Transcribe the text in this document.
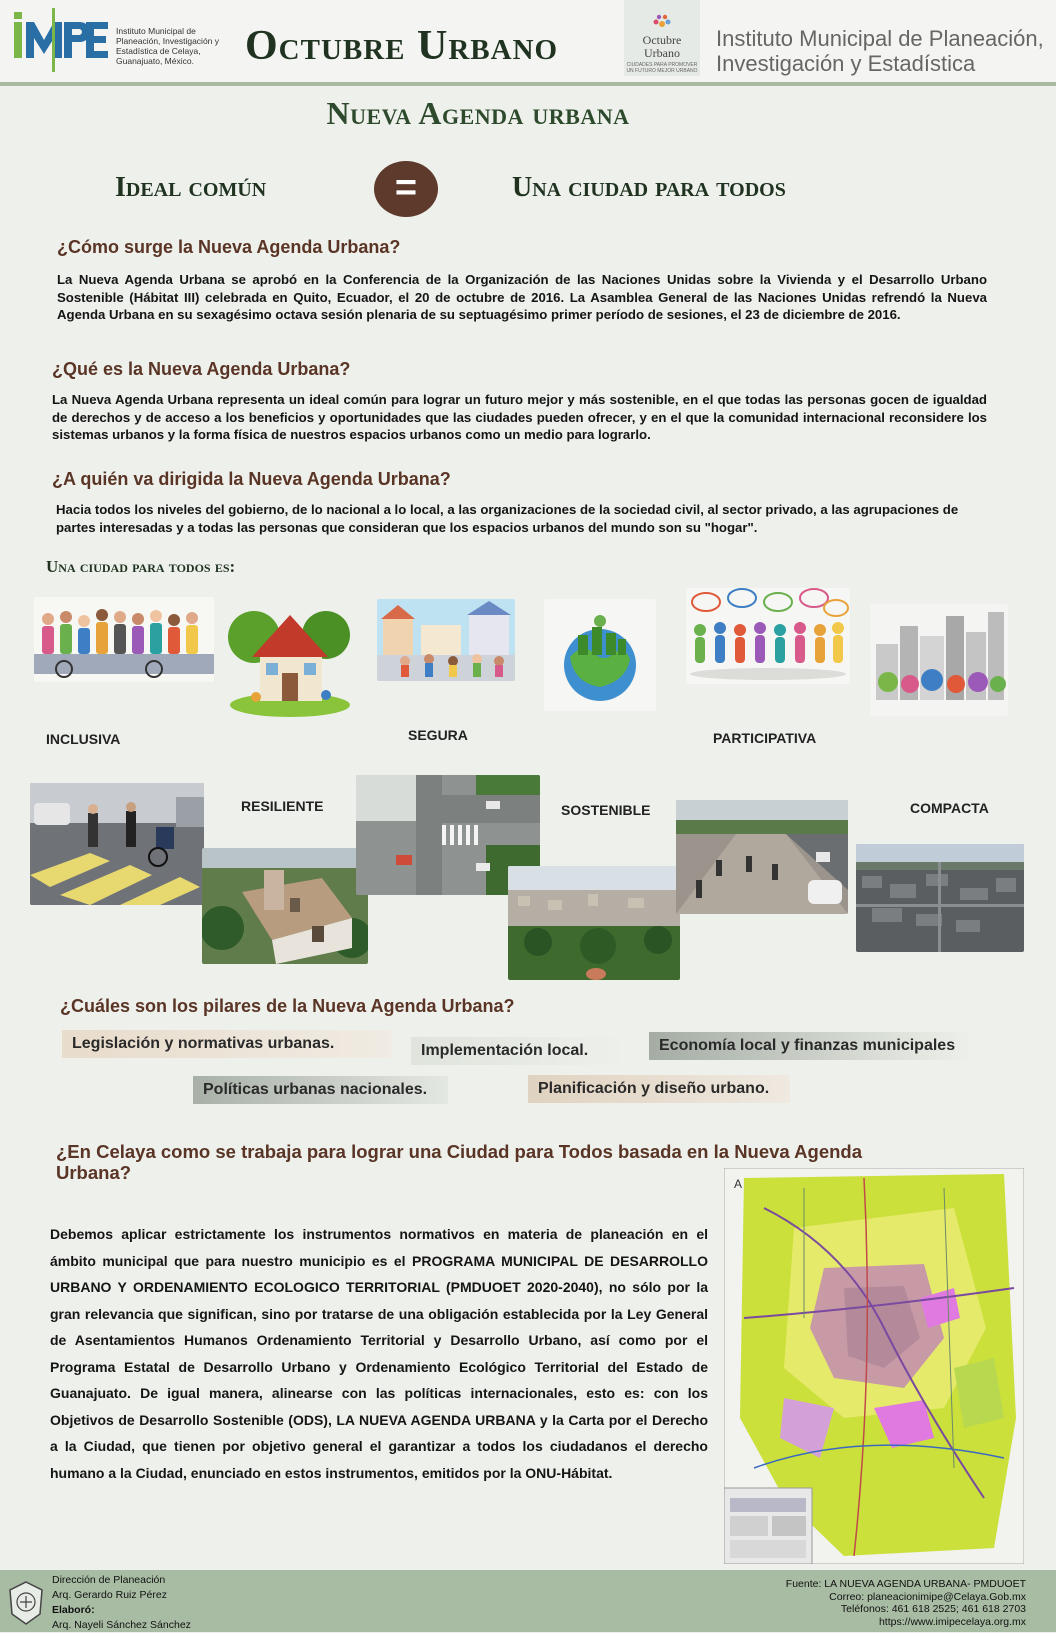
Instituto Municipal de Planeación, Investigación y Estadística de Celaya, Guanajuato, México.	Octubre Urbano	Octubre Urbano
CIUDADES PARA PROMOVER UN FUTURO MEJOR URBANO
Instituto Municipal de Planeación,
Investigación y Estadística
Nueva Agenda urbana
Ideal común	=	Una ciudad para todos
¿Cómo surge la Nueva Agenda Urbana?
La Nueva Agenda Urbana se aprobó en la Conferencia de la Organización de las Naciones Unidas sobre la Vivienda y el Desarrollo Urbano Sostenible (Hábitat III) celebrada en Quito, Ecuador, el 20 de octubre de 2016. La Asamblea General de las Naciones Unidas refrendó la Nueva Agenda Urbana en su sexagésimo octava sesión plenaria de su septuagésimo primer período de sesiones, el 23 de diciembre de 2016.
¿Qué es la Nueva Agenda Urbana?
La Nueva Agenda Urbana representa un ideal común para lograr un futuro mejor y más sostenible, en el que todas las personas gocen de igualdad de derechos y de acceso a los beneficios y oportunidades que las ciudades pueden ofrecer, y en el que la comunidad internacional reconsidere los sistemas urbanos y la forma física de nuestros espacios urbanos como un medio para lograrlo.
¿A quién va dirigida la Nueva Agenda Urbana?
Hacia todos los niveles del gobierno, de lo nacional a lo local, a las organizaciones de la sociedad civil, al sector privado, a las agrupaciones de partes interesadas y a todas las personas que consideran que los espacios urbanos del mundo son su "hogar".
Una ciudad para todos es:
INCLUSIVA	SEGURA	PARTICIPATIVA
RESILIENTE	SOSTENIBLE	COMPACTA
¿Cuáles son los pilares de la Nueva Agenda Urbana?
Legislación y normativas urbanas.	Implementación local.	Economía local y finanzas municipales
Políticas urbanas nacionales.	Planificación y diseño urbano.
¿En Celaya como se trabaja para lograr una Ciudad para Todos basada en la Nueva Agenda Urbana?
Debemos aplicar estrictamente los instrumentos normativos en materia de planeación en el ámbito municipal que para nuestro municipio es el PROGRAMA MUNICIPAL DE DESARROLLO URBANO Y ORDENAMIENTO ECOLOGICO TERRITORIAL (PMDUOET 2020-2040), no sólo por la gran relevancia que significan, sino por tratarse de una obligación establecida por la Ley General de Asentamientos Humanos Ordenamiento Territorial y Desarrollo Urbano, así como por el Programa Estatal de Desarrollo Urbano y Ordenamiento Ecológico Territorial del Estado de Guanajuato. De igual manera, alinearse con las políticas internacionales, esto es: con los Objetivos de Desarrollo Sostenible (ODS), LA NUEVA AGENDA URBANA y la Carta por el Derecho a la Ciudad, que tienen por objetivo general el garantizar a todos los ciudadanos el derecho humano a la Ciudad, enunciado en estos instrumentos, emitidos por la ONU-Hábitat.
A
Dirección de Planeación
Arq. Gerardo Ruiz Pérez
Elaboró:
Arq. Nayeli Sánchez Sánchez
Fuente: LA NUEVA AGENDA URBANA- PMDUOET
Correo: planeacionimipe@Celaya.Gob.mx
Teléfonos: 461 618 2525; 461 618 2703
https://www.imipecelaya.org.mx
